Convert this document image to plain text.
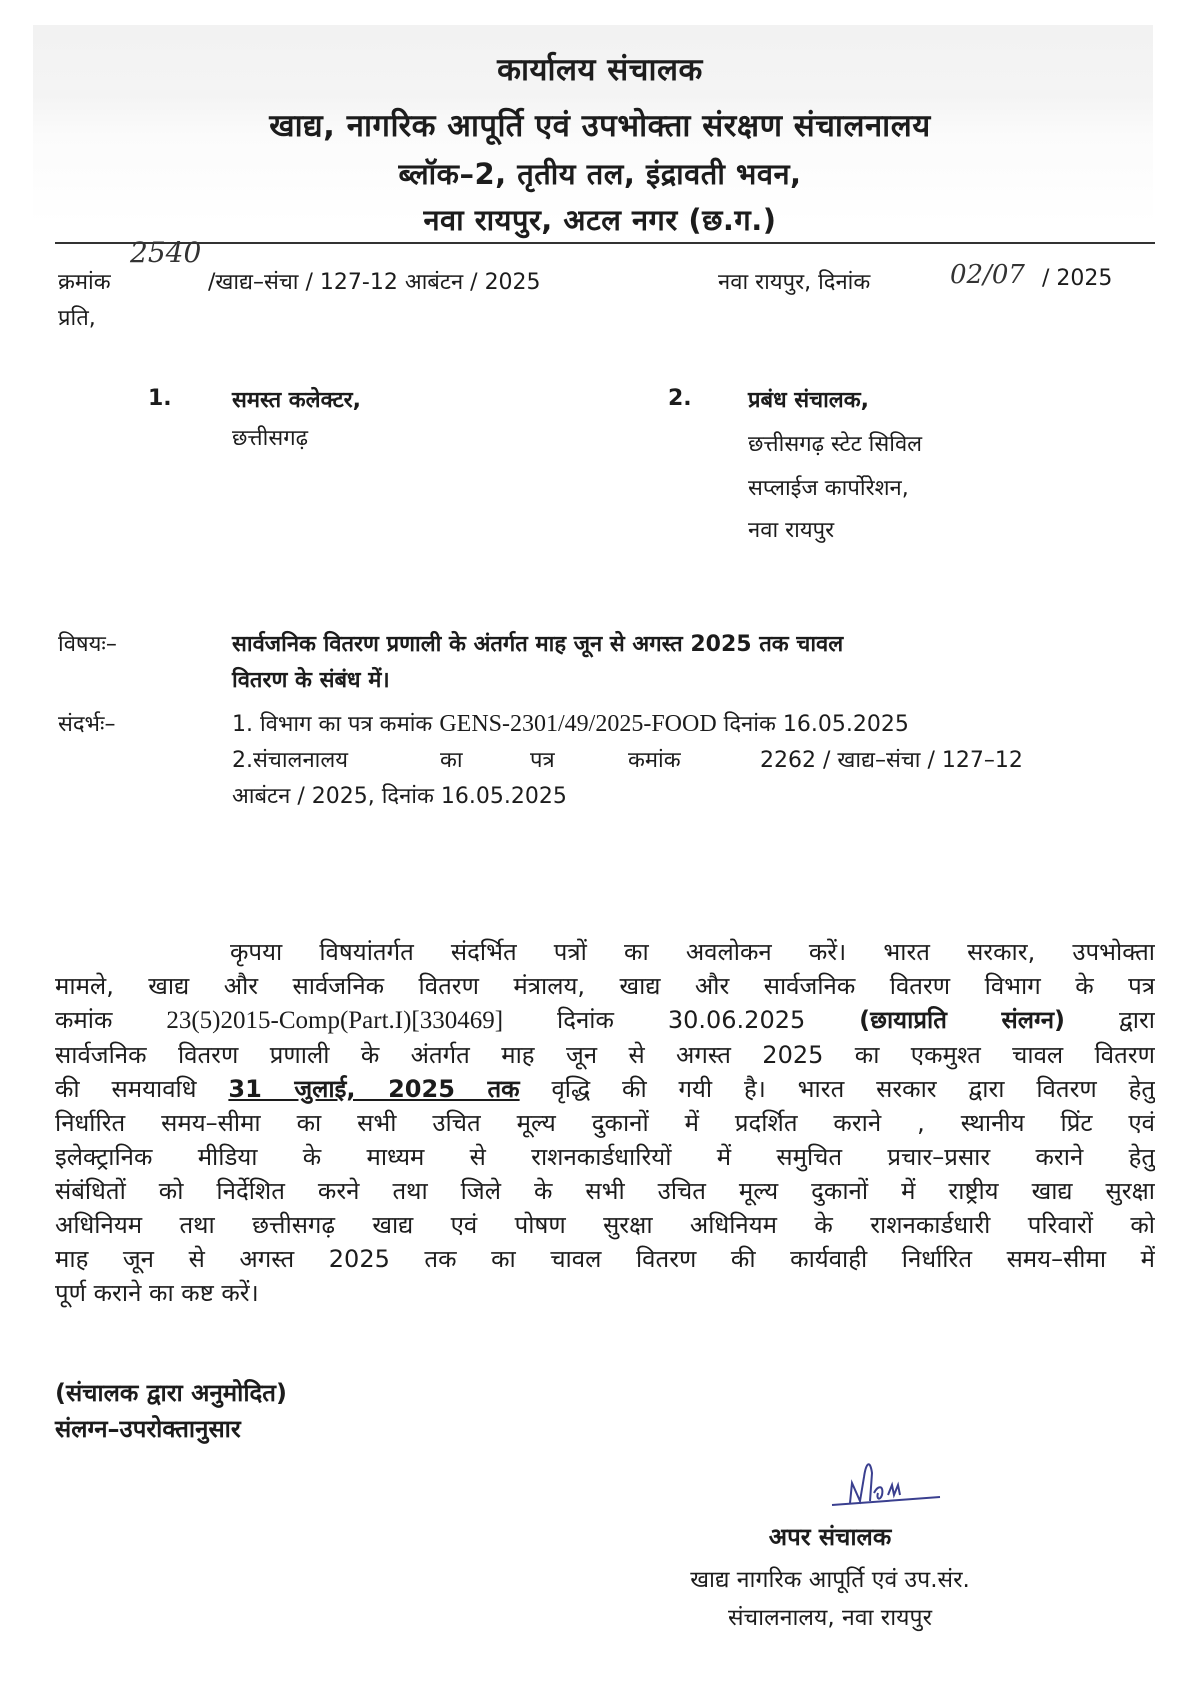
कार्यालय संचालक
खाद्य, नागरिक आपूर्ति एवं उपभोक्ता संरक्षण संचालनालय
ब्लॉक–2, तृतीय तल, इंद्रावती भवन,
नवा रायपुर, अटल नगर (छ.ग.)
क्रमांक
2540
/खाद्य–संचा / 127-12 आबंटन / 2025	नवा रायपुर, दिनांक	02/07 / 2025
प्रति,
1.	समस्त कलेक्टर,
छत्तीसगढ़
2.	प्रबंध संचालक,
छत्तीसगढ़ स्टेट सिविल
सप्लाईज कार्पोरेशन,
नवा रायपुर
विषयः–	सार्वजनिक वितरण प्रणाली के अंतर्गत माह जून से अगस्त 2025 तक चावल
वितरण के संबंध में।
संदर्भः–	1. विभाग का पत्र कमांक GENS-2301/49/2025-FOOD दिनांक 16.05.2025
2.संचालनालय	का	पत्र	कमांक	2262 / खाद्य–संचा / 127–12
आबंटन / 2025, दिनांक 16.05.2025
कृपया विषयांतर्गत संदर्भित पत्रों का अवलोकन करें। भारत सरकार, उपभोक्ता
मामले, खाद्य और सार्वजनिक वितरण मंत्रालय, खाद्य और सार्वजनिक वितरण विभाग के पत्र
कमांक 23(5)2015-Comp(Part.I)[330469] दिनांक 30.06.2025 (छायाप्रति संलग्न) द्वारा
सार्वजनिक वितरण प्रणाली के अंतर्गत माह जून से अगस्त 2025 का एकमुश्त चावल वितरण
की समयावधि 31 जुलाई, 2025 तक वृद्धि की गयी है। भारत सरकार द्वारा वितरण हेतु
निर्धारित समय–सीमा का सभी उचित मूल्य दुकानों में प्रदर्शित कराने , स्थानीय प्रिंट एवं
इलेक्ट्रानिक मीडिया के माध्यम से राशनकार्डधारियों में समुचित प्रचार–प्रसार कराने हेतु
संबंधितों को निर्देशित करने तथा जिले के सभी उचित मूल्य दुकानों में राष्ट्रीय खाद्य सुरक्षा
अधिनियम तथा छत्तीसगढ़ खाद्य एवं पोषण सुरक्षा अधिनियम के राशनकार्डधारी परिवारों को
माह जून से अगस्त 2025 तक का चावल वितरण की कार्यवाही निर्धारित समय–सीमा में
पूर्ण कराने का कष्ट करें।
(संचालक द्वारा अनुमोदित)
संलग्न–उपरोक्तानुसार
अपर संचालक
खाद्य नागरिक आपूर्ति एवं उप.संर.
संचालनालय, नवा रायपुर
